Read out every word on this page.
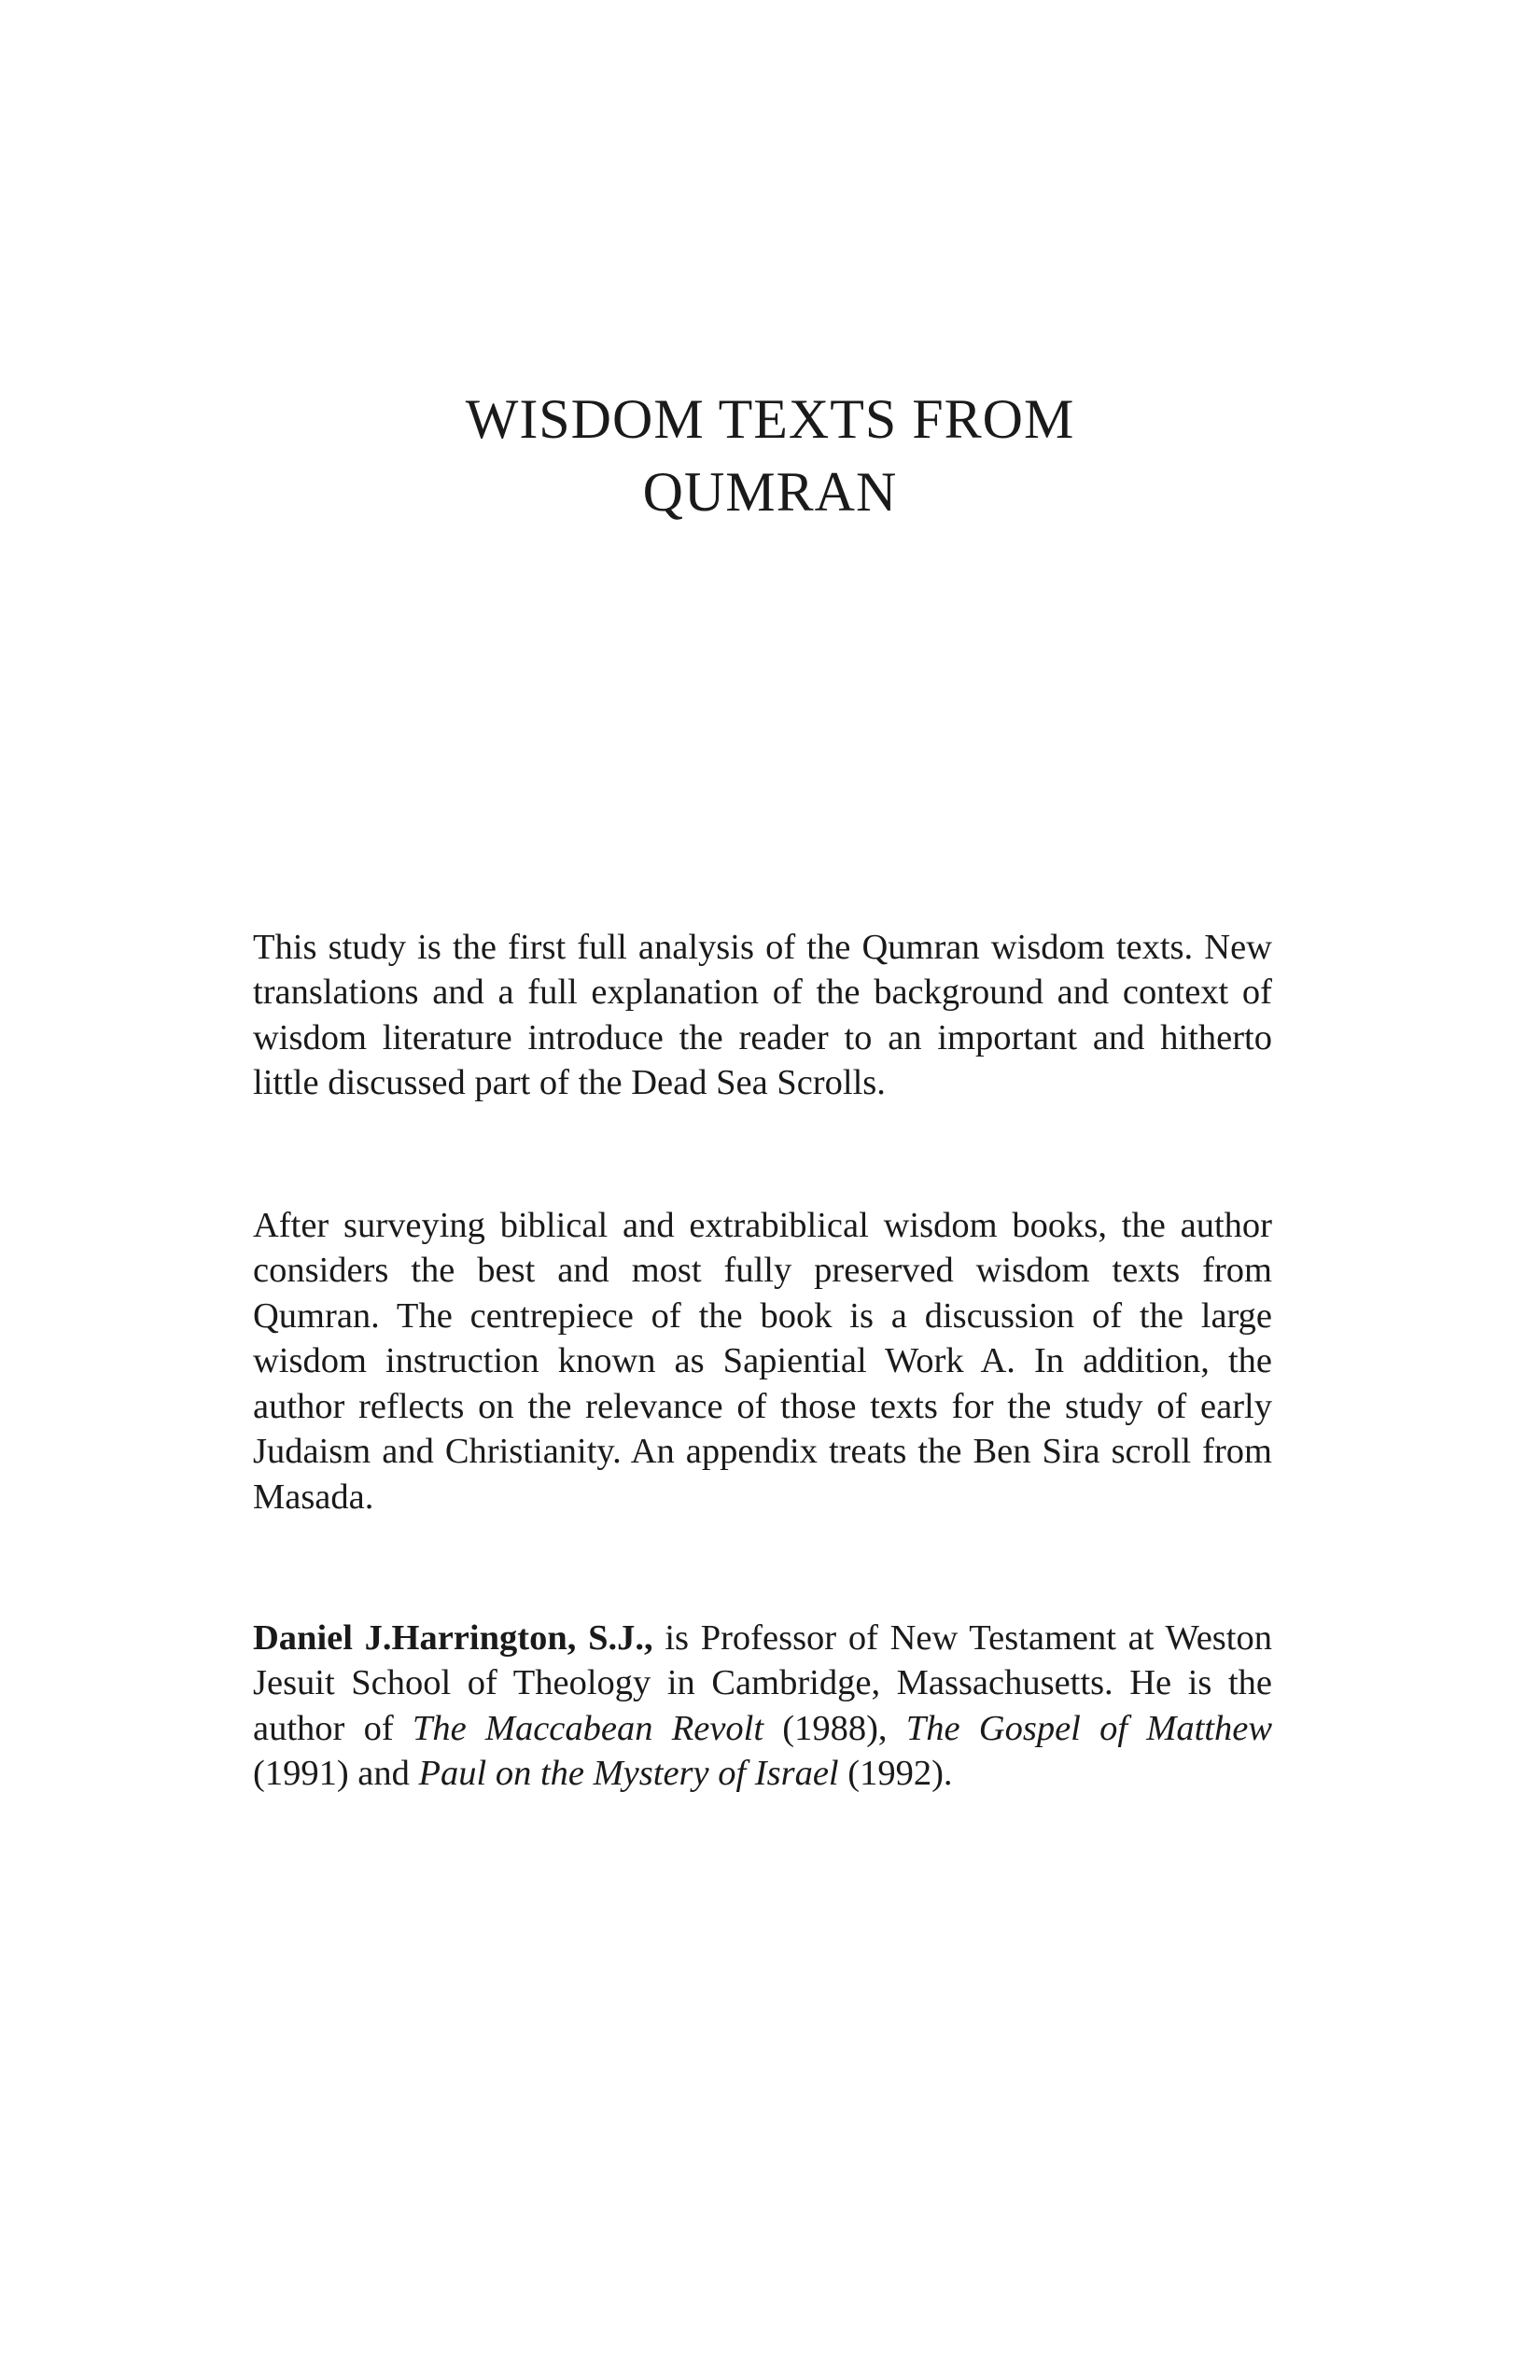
WISDOM TEXTS FROM
QUMRAN

This study is the first full analysis of the Qumran wisdom texts. New translations and a full explanation of the background and context of wisdom literature introduce the reader to an important and hitherto little discussed part of the Dead Sea Scrolls.

After surveying biblical and extrabiblical wisdom books, the author considers the best and most fully preserved wisdom texts from Qumran. The centrepiece of the book is a discussion of the large wisdom instruction known as Sapiential Work A. In addition, the author reflects on the relevance of those texts for the study of early Judaism and Christianity. An appendix treats the Ben Sira scroll from Masada.

Daniel J.Harrington, S.J., is Professor of New Testament at Weston Jesuit School of Theology in Cambridge, Massachusetts. He is the author of The Maccabean Revolt (1988), The Gospel of Matthew (1991) and Paul on the Mystery of Israel (1992).
